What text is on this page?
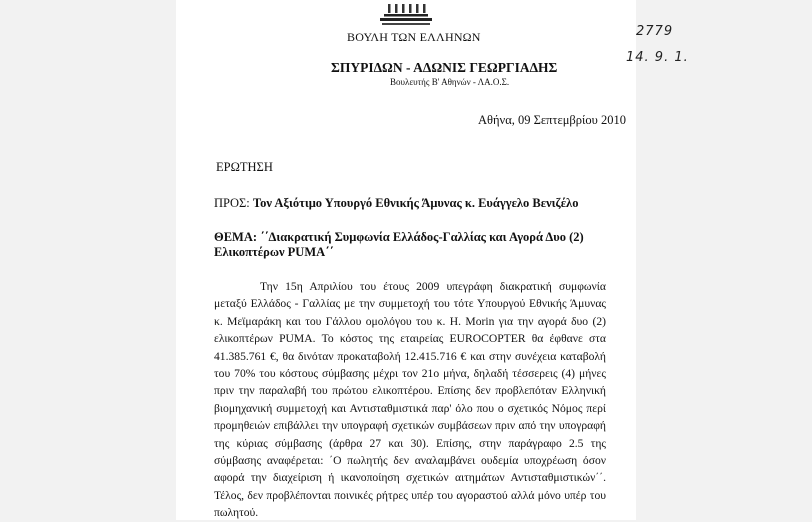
ΒΟΥΛΗ ΤΩΝ ΕΛΛΗΝΩΝ
ΣΠΥΡΙΔΩΝ - ΑΔΩΝΙΣ ΓΕΩΡΓΙΑΔΗΣ
Βουλευτής Β' Αθηνών - ΛΑ.Ο.Σ.
Αθήνα, 09 Σεπτεμβρίου 2010
ΕΡΩΤΗΣΗ
ΠΡΟΣ: Τον Αξιότιμο Υπουργό Εθνικής Άμυνας κ. Ευάγγελο Βενιζέλο
ΘΕΜΑ: ΄΄Διακρατική Συμφωνία Ελλάδος-Γαλλίας και Αγορά Δυο (2) Ελικοπτέρων PUMA΄΄
Την 15η Απριλίου του έτους 2009 υπεγράφη διακρατική συμφωνία μεταξύ Ελλάδος - Γαλλίας με την συμμετοχή του τότε Υπουργού Εθνικής Άμυνας κ. Μεϊμαράκη και του Γάλλου ομολόγου του κ. Η. Morin για την αγορά δυο (2) ελικοπτέρων PUMA. Το κόστος της εταιρείας EUROCOPTER θα έφθανε στα 41.385.761 €, θα δινόταν προκαταβολή 12.415.716 € και στην συνέχεια καταβολή του 70% του κόστους σύμβασης μέχρι τον 21ο μήνα, δηλαδή τέσσερεις (4) μήνες πριν την παραλαβή του πρώτου ελικοπτέρου. Επίσης δεν προβλεπόταν Ελληνική βιομηχανική συμμετοχή και Αντισταθμιστικά παρ' όλο που ο σχετικός Νόμος περί προμηθειών επιβάλλει την υπογραφή σχετικών συμβάσεων πριν από την υπογραφή της κύριας σύμβασης (άρθρα 27 και 30). Επίσης, στην παράγραφο 2.5 της σύμβασης αναφέρεται: ΄Ο πωλητής δεν αναλαμβάνει ουδεμία υποχρέωση όσον αφορά την διαχείριση ή ικανοποίηση σχετικών αιτημάτων Αντισταθμιστικών΄΄. Τέλος, δεν προβλέπονται ποινικές ρήτρες υπέρ του αγοραστού αλλά μόνο υπέρ του πωλητού.
2779
14. 9. 1.
